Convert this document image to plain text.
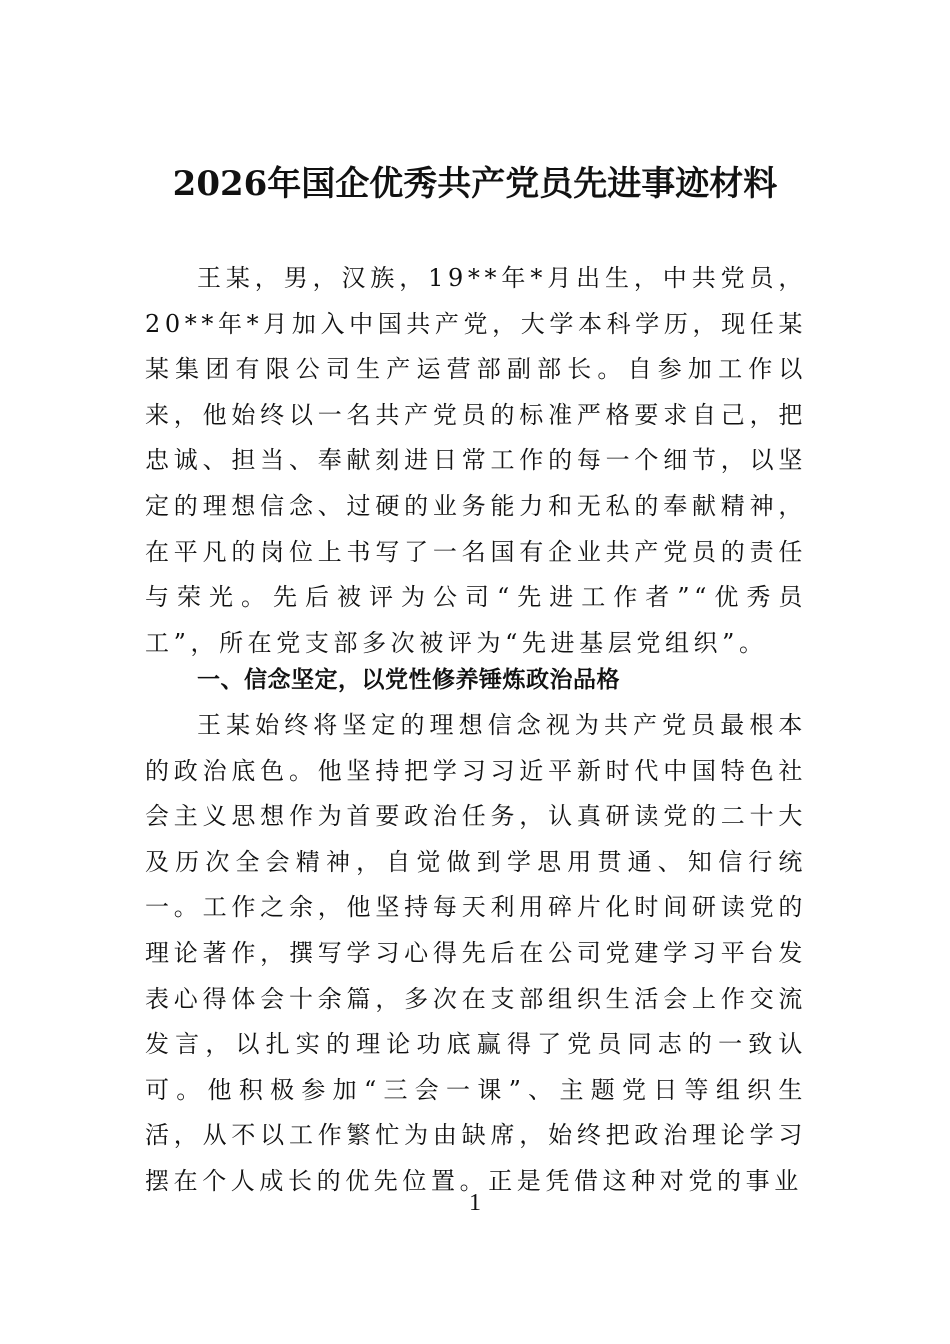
2026年国企优秀共产党员先进事迹材料

王某，男，汉族，19**年*月出生，中共党员，20**年*月加入中国共产党，大学本科学历，现任某某集团有限公司生产运营部副部长。自参加工作以来，他始终以一名共产党员的标准严格要求自己，把忠诚、担当、奉献刻进日常工作的每一个细节，以坚定的理想信念、过硬的业务能力和无私的奉献精神，在平凡的岗位上书写了一名国有企业共产党员的责任与荣光。先后被评为公司“先进工作者”“优秀员工”，所在党支部多次被评为“先进基层党组织”。

一、信念坚定，以党性修养锤炼政治品格

王某始终将坚定的理想信念视为共产党员最根本的政治底色。他坚持把学习习近平新时代中国特色社会主义思想作为首要政治任务，认真研读党的二十大及历次全会精神，自觉做到学思用贯通、知信行统一。工作之余，他坚持每天利用碎片化时间研读党的理论著作，撰写学习心得先后在公司党建学习平台发表心得体会十余篇，多次在支部组织生活会上作交流发言，以扎实的理论功底赢得了党员同志的一致认可。他积极参加“三会一课”、主题党日等组织生活，从不以工作繁忙为由缺席，始终把政治理论学习摆在个人成长的优先位置。正是凭借这种对党的事业

1
